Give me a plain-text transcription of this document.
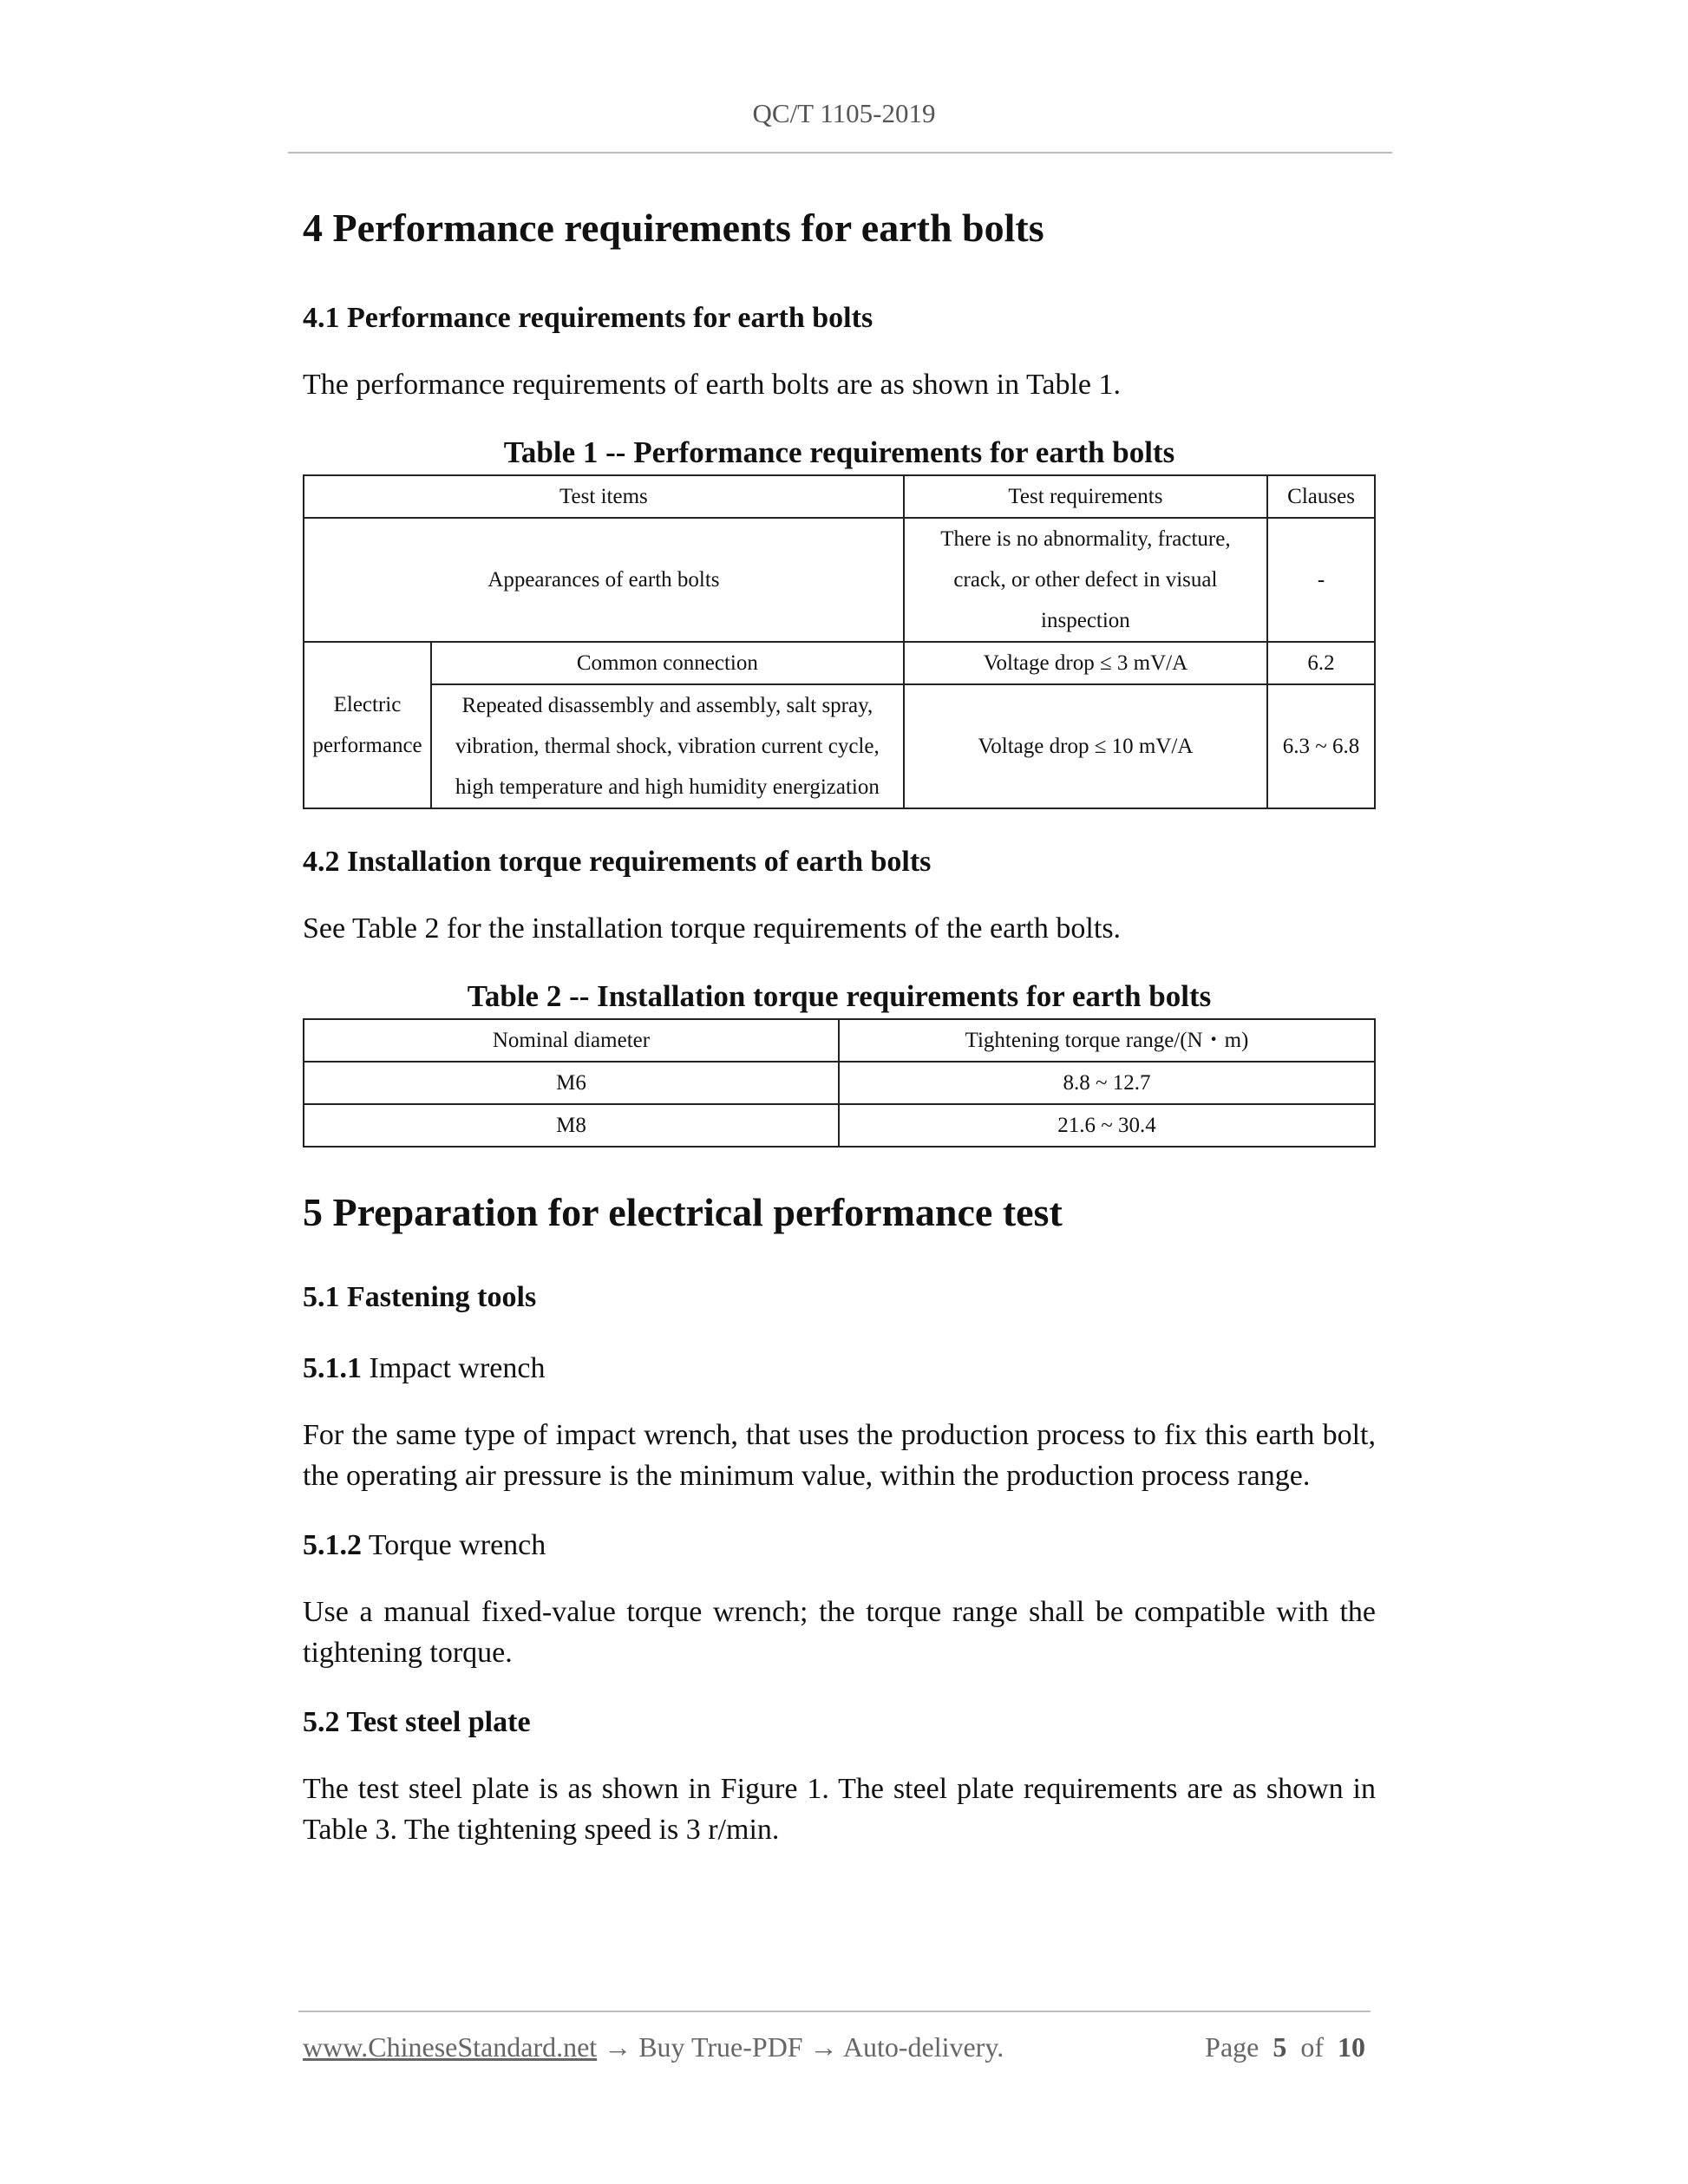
QC/T 1105-2019
4 Performance requirements for earth bolts
4.1 Performance requirements for earth bolts

The performance requirements of earth bolts are as shown in Table 1.

Table 1 -- Performance requirements for earth bolts
Test items		Test requirements	Clauses
Appearances of earth bolts		There is no abnormality, fracture, crack, or other defect in visual inspection	-
Electric performance	Common connection	Voltage drop ≤ 3 mV/A	6.2
	Repeated disassembly and assembly, salt spray, vibration, thermal shock, vibration current cycle, high temperature and high humidity energization	Voltage drop ≤ 10 mV/A	6.3 ~ 6.8
4.2 Installation torque requirements of earth bolts

See Table 2 for the installation torque requirements of the earth bolts.

Table 2 -- Installation torque requirements for earth bolts
Nominal diameter	Tightening torque range/(N・m)
M6	8.8 ~ 12.7
M8	21.6 ~ 30.4
5 Preparation for electrical performance test
5.1 Fastening tools
5.1.1 Impact wrench

For the same type of impact wrench, that uses the production process to fix this earth bolt, the operating air pressure is the minimum value, within the production process range.

5.1.2 Torque wrench

Use a manual fixed-value torque wrench; the torque range shall be compatible with the tightening torque.

5.2 Test steel plate

The test steel plate is as shown in Figure 1. The steel plate requirements are as shown in Table 3. The tightening speed is 3 r/min.

www.ChineseStandard.net → Buy True-PDF → Auto-delivery.	Page 5 of 10
